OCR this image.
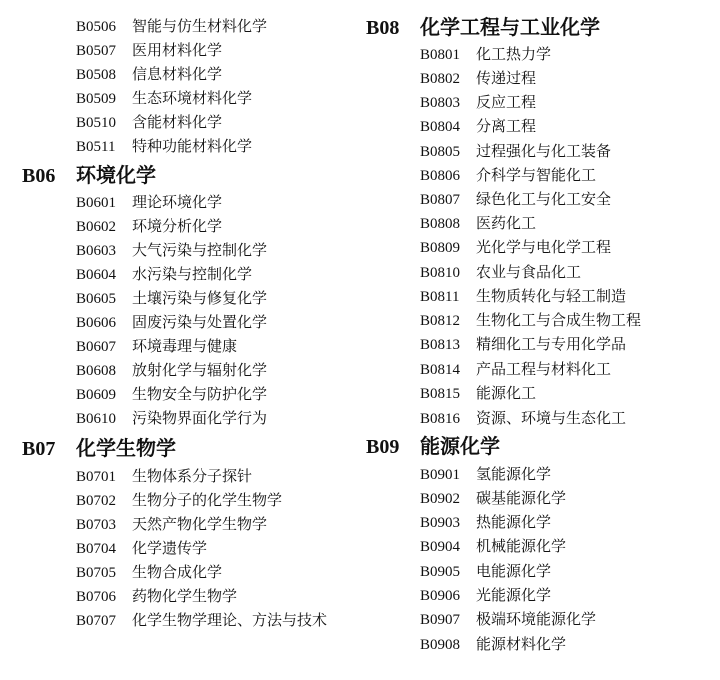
B0506 智能与仿生材料化学
B0507 医用材料化学
B0508 信息材料化学
B0509 生态环境材料化学
B0510 含能材料化学
B0511 特种功能材料化学
B06 环境化学
B0601 理论环境化学
B0602 环境分析化学
B0603 大气污染与控制化学
B0604 水污染与控制化学
B0605 土壤污染与修复化学
B0606 固废污染与处置化学
B0607 环境毒理与健康
B0608 放射化学与辐射化学
B0609 生物安全与防护化学
B0610 污染物界面化学行为
B07 化学生物学
B0701 生物体系分子探针
B0702 生物分子的化学生物学
B0703 天然产物化学生物学
B0704 化学遗传学
B0705 生物合成化学
B0706 药物化学生物学
B0707 化学生物学理论、方法与技术
B08 化学工程与工业化学
B0801 化工热力学
B0802 传递过程
B0803 反应工程
B0804 分离工程
B0805 过程强化与化工装备
B0806 介科学与智能化工
B0807 绿色化工与化工安全
B0808 医药化工
B0809 光化学与电化学工程
B0810 农业与食品化工
B0811 生物质转化与轻工制造
B0812 生物化工与合成生物工程
B0813 精细化工与专用化学品
B0814 产品工程与材料化工
B0815 能源化工
B0816 资源、环境与生态化工
B09 能源化学
B0901 氢能源化学
B0902 碳基能源化学
B0903 热能源化学
B0904 机械能源化学
B0905 电能源化学
B0906 光能源化学
B0907 极端环境能源化学
B0908 能源材料化学
